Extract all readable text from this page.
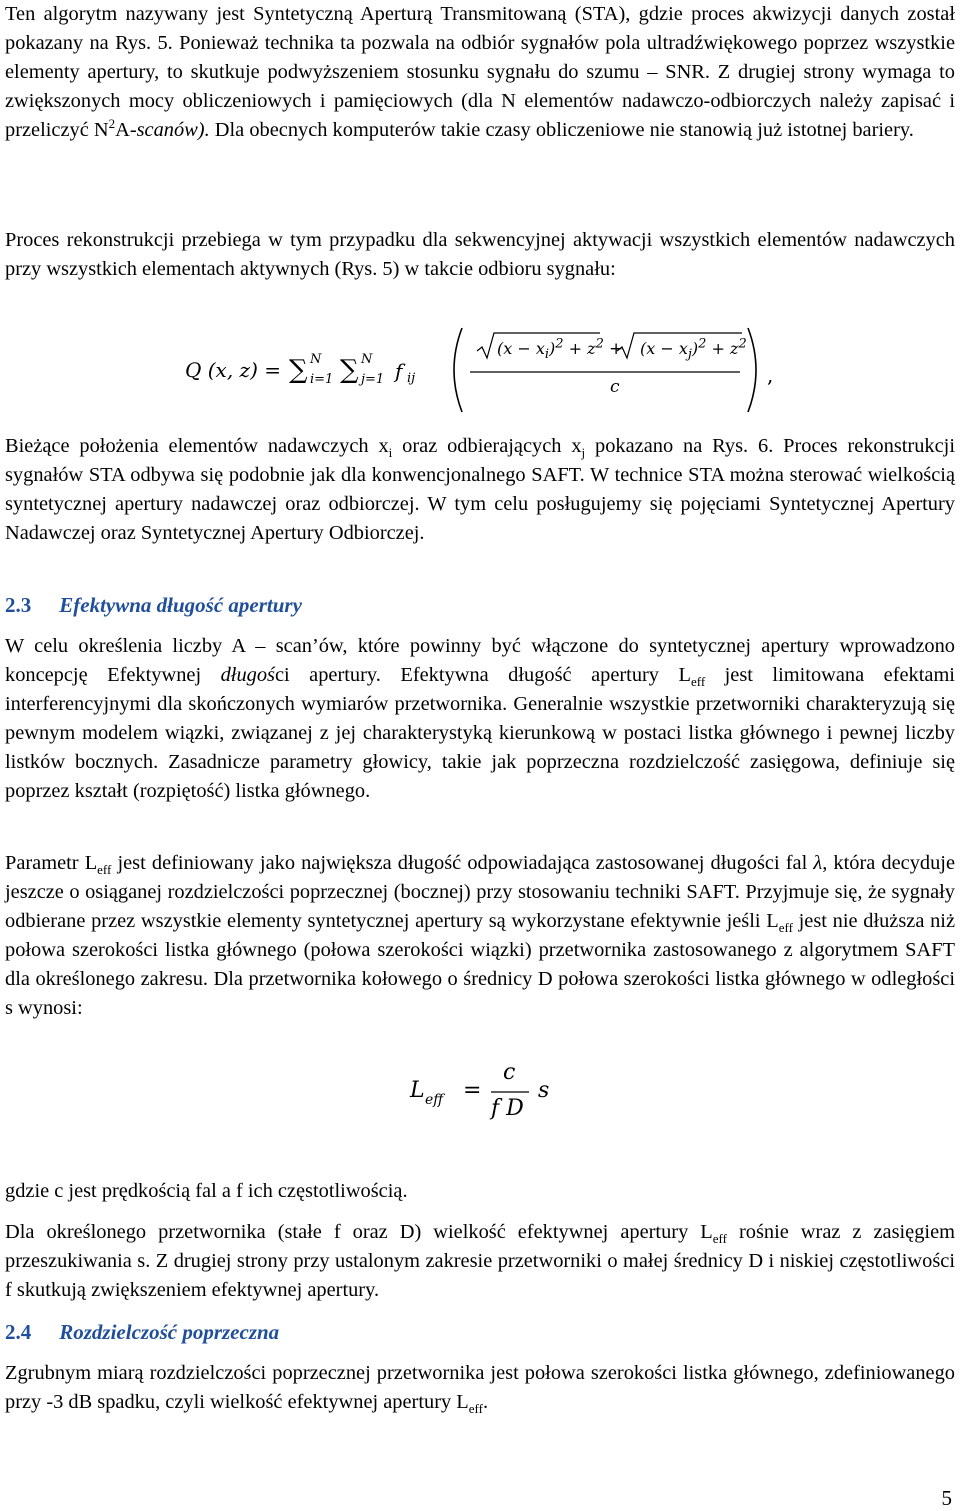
Ten algorytm nazywany jest Syntetyczną Aperturą Transmitowaną (STA), gdzie proces akwizycji danych został pokazany na Rys. 5. Ponieważ technika ta pozwala na odbiór sygnałów pola ultradźwiękowego poprzez wszystkie elementy apertury, to skutkuje podwyższeniem stosunku sygnału do szumu – SNR. Z drugiej strony wymaga to zwiększonych mocy obliczeniowych i pamięciowych (dla N elementów nadawczo-odbiorczych należy zapisać i przeliczyć $N^2A-scanów$). Dla obecnych komputerów takie czasy obliczeniowe nie stanowią już istotnej bariery.

Proces rekonstrukcji przebiega w tym przypadku dla sekwencyjnej aktywacji wszystkich elementów nadawczych przy wszystkich elementach aktywnych (Rys. 5) w takcie odbioru sygnału:

Q (x, z) = ∑ N
i=1 ∑ N
j=1 f ij
$(x - x_i)^2 + z^2 + (x - x_j)^2 + z^2$
c	,

Bieżące położenia elementów nadawczych $x_i$ oraz odbierających $x_j$ pokazano na Rys. 6. Proces rekonstrukcji sygnałów STA odbywa się podobnie jak dla konwencjonalnego SAFT. W technice STA można sterować wielkością syntetycznej apertury nadawczej oraz odbiorczej. W tym celu posługujemy się pojęciami Syntetycznej Apertury Nadawczej oraz Syntetycznej Apertury Odbiorczej.

2.3 Efektywna długość apertury

W celu określenia liczby A – scan’ów, które powinny być włączone do syntetycznej apertury wprowadzono koncepcję Efektywnej długości apertury. Efektywna długość apertury $L_{eff}$ jest limitowana efektami interferencyjnymi dla skończonych wymiarów przetwornika. Generalnie wszystkie przetworniki charakteryzują się pewnym modelem wiązki, związanej z jej charakterystyką kierunkową w postaci listka głównego i pewnej liczby listków bocznych. Zasadnicze parametry głowicy, takie jak poprzeczna rozdzielczość zasięgowa, definiuje się poprzez kształt (rozpiętość) listka głównego.

Parametr $L_{eff}$ jest definiowany jako największa długość odpowiadająca zastosowanej długości fal λ, która decyduje jeszcze o osiąganej rozdzielczości poprzecznej (bocznej) przy stosowaniu techniki SAFT. Przyjmuje się, że sygnały odbierane przez wszystkie elementy syntetycznej apertury są wykorzystane efektywnie jeśli $L_{eff}$ jest nie dłuższa niż połowa szerokości listka głównego (połowa szerokości wiązki) przetwornika zastosowanego z algorytmem SAFT dla określonego zakresu. Dla przetwornika kołowego o średnicy D połowa szerokości listka głównego w odległości s wynosi:

L eff =
c
f D
s

gdzie c jest prędkością fal a f ich częstotliwością.

Dla określonego przetwornika (stałe f oraz D) wielkość efektywnej apertury $L_{eff}$ rośnie wraz z zasięgiem przeszukiwania s. Z drugiej strony przy ustalonym zakresie przetworniki o małej średnicy D i niskiej częstotliwości f skutkują zwiększeniem efektywnej apertury.

2.4 Rozdzielczość poprzeczna

Zgrubnym miarą rozdzielczości poprzecznej przetwornika jest połowa szerokości listka głównego, zdefiniowanego przy -3 dB spadku, czyli wielkość efektywnej apertury $L_{eff}$.

5
